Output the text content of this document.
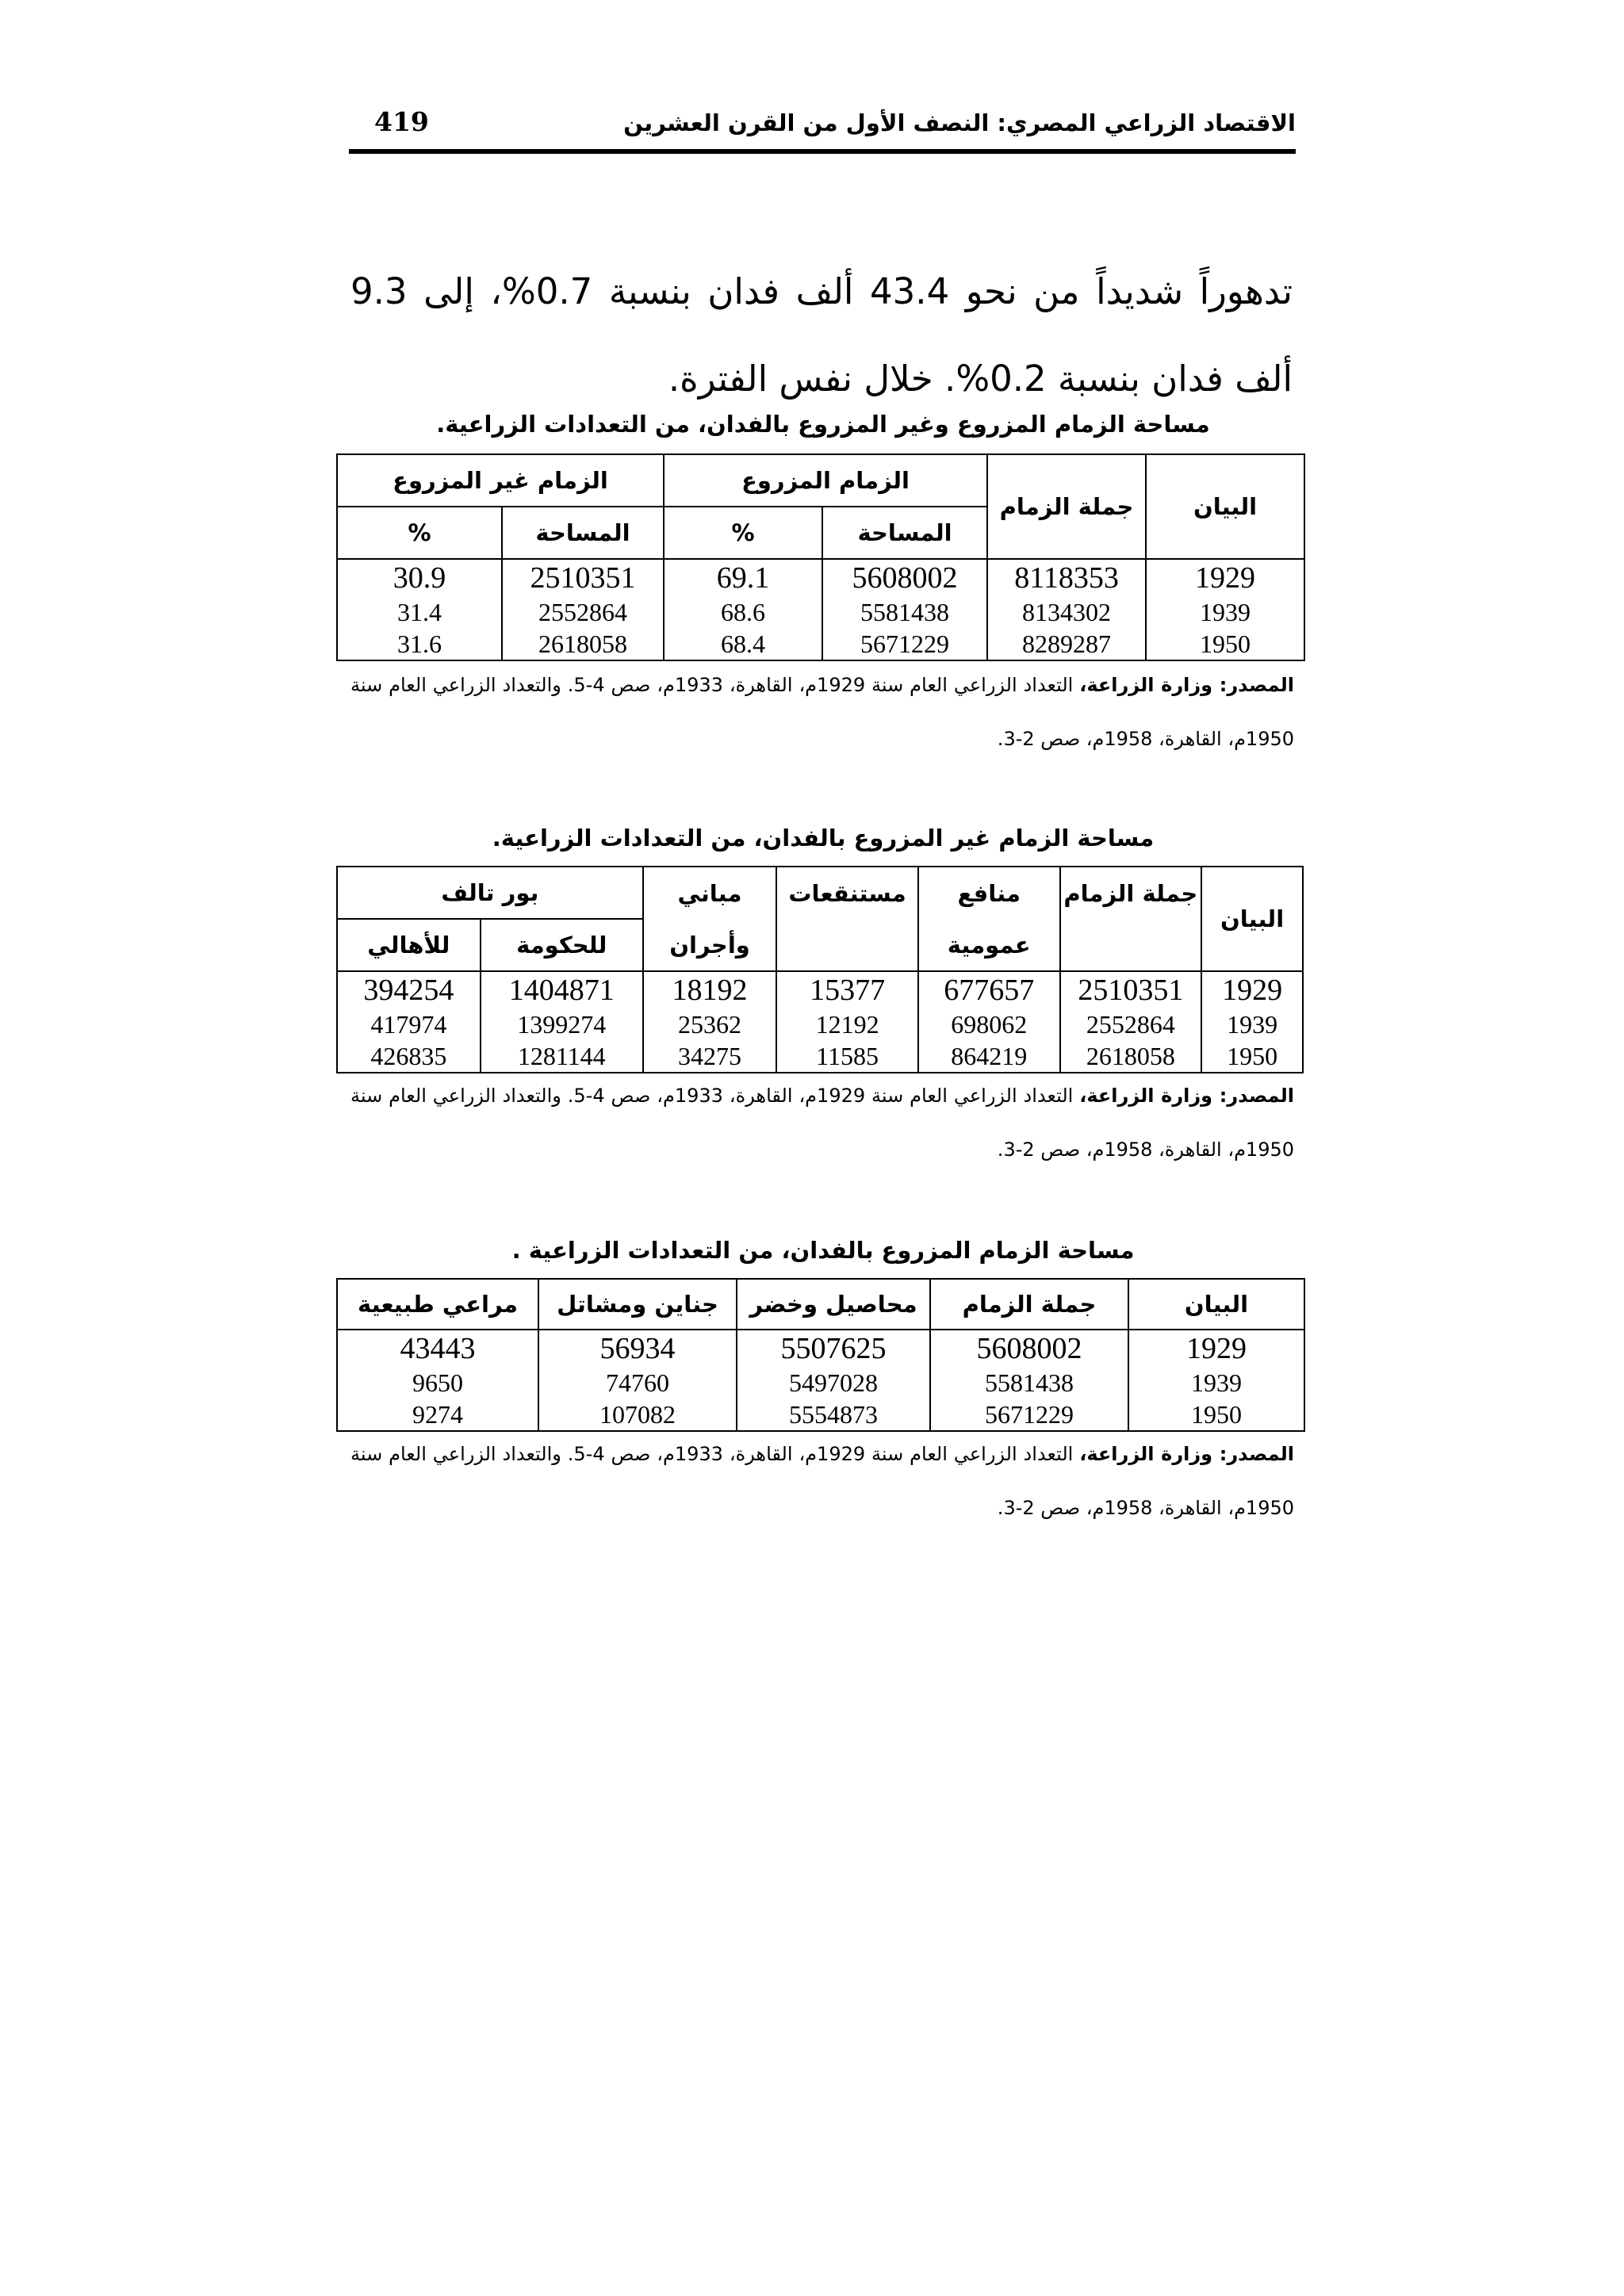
الاقتصاد الزراعي المصري: النصف الأول من القرن العشرين
419

تدهوراً شديداً من نحو 43.4 ألف فدان بنسبة 0.7%، إلى 9.3 ألف فدان بنسبة 0.2%. خلال نفس الفترة.

مساحة الزمام المزروع وغير المزروع بالفدان، من التعدادات الزراعية.
البيان	جملة الزمام	الزمام المزروع		الزمام غير المزروع	
		المساحة	%	المساحة	%
1929	8118353	5608002	69.1	2510351	30.9
1939	8134302	5581438	68.6	2552864	31.4
1950	8289287	5671229	68.4	2618058	31.6
المصدر: وزارة الزراعة، التعداد الزراعي العام سنة 1929م، القاهرة، 1933م، صص 4-5. والتعداد الزراعي العام سنة 1950م، القاهرة، 1958م، صص 2-3.
مساحة الزمام غير المزروع بالفدان، من التعدادات الزراعية.
البيان	جملة الزمام	منافع	مستنقعات	مباني	بور تالف	
		عمومية		وأجران	للحكومة	للأهالي
1929	2510351	677657	15377	18192	1404871	394254
1939	2552864	698062	12192	25362	1399274	417974
1950	2618058	864219	11585	34275	1281144	426835
المصدر: وزارة الزراعة، التعداد الزراعي العام سنة 1929م، القاهرة، 1933م، صص 4-5. والتعداد الزراعي العام سنة 1950م، القاهرة، 1958م، صص 2-3.
مساحة الزمام المزروع بالفدان، من التعدادات الزراعية .
البيان	جملة الزمام	محاصيل وخضر	جناين ومشاتل	مراعي طبيعية
1929	5608002	5507625	56934	43443
1939	5581438	5497028	74760	9650
1950	5671229	5554873	107082	9274
المصدر: وزارة الزراعة، التعداد الزراعي العام سنة 1929م، القاهرة، 1933م، صص 4-5. والتعداد الزراعي العام سنة 1950م، القاهرة، 1958م، صص 2-3.
